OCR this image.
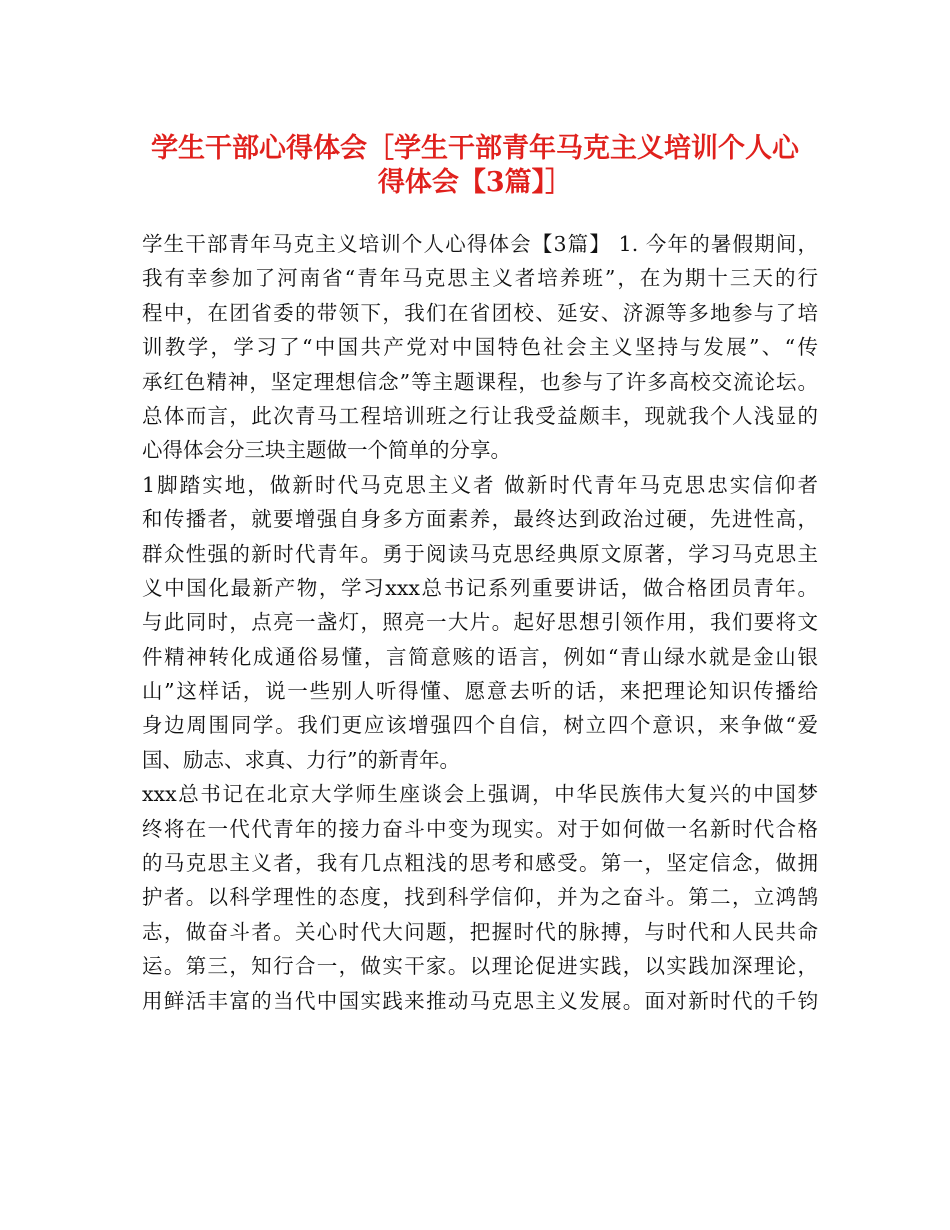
学生干部心得体会［学生干部青年马克主义培训个人心
得体会【3篇】］
学生干部青年马克主义培训个人心得体会【3篇】 1. 今年的暑假期间，
我有幸参加了河南省“青年马克思主义者培养班”，在为期十三天的行
程中，在团省委的带领下，我们在省团校、延安、济源等多地参与了培
训教学，学习了“中国共产党对中国特色社会主义坚持与发展”、“传
承红色精神，坚定理想信念”等主题课程，也参与了许多高校交流论坛。
总体而言，此次青马工程培训班之行让我受益颇丰，现就我个人浅显的
心得体会分三块主题做一个简单的分享。
1脚踏实地，做新时代马克思主义者 做新时代青年马克思忠实信仰者
和传播者，就要增强自身多方面素养，最终达到政治过硬，先进性高，
群众性强的新时代青年。勇于阅读马克思经典原文原著，学习马克思主
义中国化最新产物，学习xxx总书记系列重要讲话，做合格团员青年。
与此同时，点亮一盏灯，照亮一大片。起好思想引领作用，我们要将文
件精神转化成通俗易懂，言简意赅的语言，例如“青山绿水就是金山银
山”这样话，说一些别人听得懂、愿意去听的话，来把理论知识传播给
身边周围同学。我们更应该增强四个自信，树立四个意识，来争做“爱
国、励志、求真、力行”的新青年。
xxx总书记在北京大学师生座谈会上强调，中华民族伟大复兴的中国梦
终将在一代代青年的接力奋斗中变为现实。对于如何做一名新时代合格
的马克思主义者，我有几点粗浅的思考和感受。第一，坚定信念，做拥
护者。以科学理性的态度，找到科学信仰，并为之奋斗。第二，立鸿鹄
志，做奋斗者。关心时代大问题，把握时代的脉搏，与时代和人民共命
运。第三，知行合一，做实干家。以理论促进实践，以实践加深理论，
用鲜活丰富的当代中国实践来推动马克思主义发展。面对新时代的千钧
